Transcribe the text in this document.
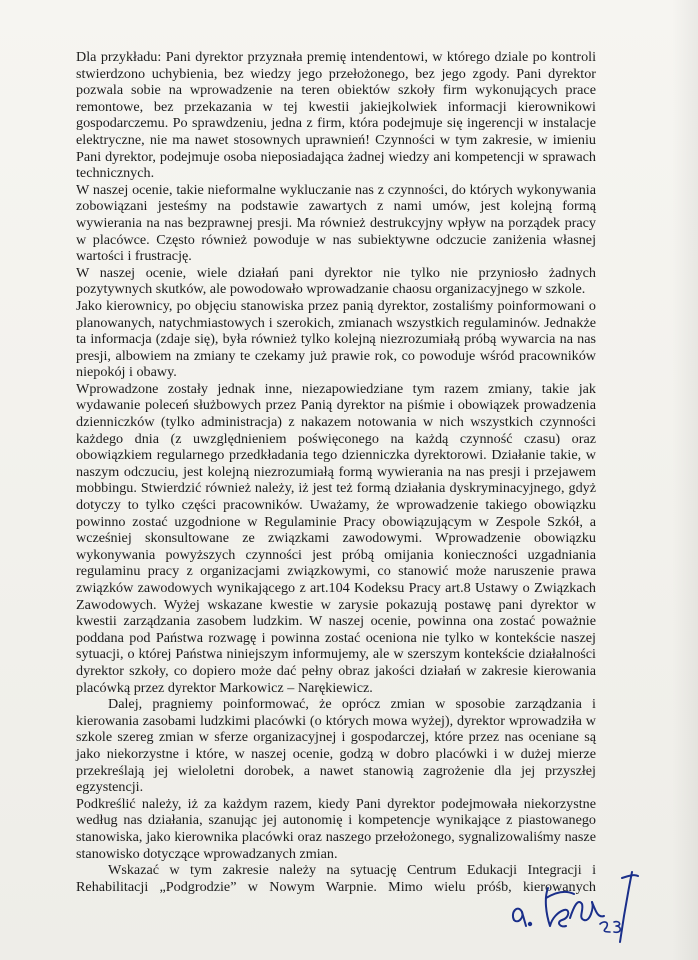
Dla przykładu: Pani dyrektor przyznała premię intendentowi, w którego dziale po kontroli stwierdzono uchybienia, bez wiedzy jego przełożonego, bez jego zgody. Pani dyrektor pozwala sobie na wprowadzenie na teren obiektów szkoły firm wykonujących prace remontowe, bez przekazania w tej kwestii jakiejkolwiek informacji kierownikowi gospodarczemu. Po sprawdzeniu, jedna z firm, która podejmuje się ingerencji w instalacje elektryczne, nie ma nawet stosownych uprawnień! Czynności w tym zakresie, w imieniu Pani dyrektor, podejmuje osoba nieposiadająca żadnej wiedzy ani kompetencji w sprawach technicznych.

W naszej ocenie, takie nieformalne wykluczanie nas z czynności, do których wykonywania zobowiązani jesteśmy na podstawie zawartych z nami umów, jest kolejną formą wywierania na nas bezprawnej presji. Ma również destrukcyjny wpływ na porządek pracy w placówce. Często również powoduje w nas subiektywne odczucie zaniżenia własnej wartości i frustrację.

W naszej ocenie, wiele działań pani dyrektor nie tylko nie przyniosło żadnych pozytywnych skutków, ale powodowało wprowadzanie chaosu organizacyjnego w szkole.

Jako kierownicy, po objęciu stanowiska przez panią dyrektor, zostaliśmy poinformowani o planowanych, natychmiastowych i szerokich, zmianach wszystkich regulaminów. Jednakże ta informacja (zdaje się), była również tylko kolejną niezrozumiałą próbą wywarcia na nas presji, albowiem na zmiany te czekamy już prawie rok, co powoduje wśród pracowników niepokój i obawy.

Wprowadzone zostały jednak inne, niezapowiedziane tym razem zmiany, takie jak wydawanie poleceń służbowych przez Panią dyrektor na piśmie i obowiązek prowadzenia dzienniczków (tylko administracja) z nakazem notowania w nich wszystkich czynności każdego dnia (z uwzględnieniem poświęconego na każdą czynność czasu) oraz obowiązkiem regularnego przedkładania tego dzienniczka dyrektorowi. Działanie takie, w naszym odczuciu, jest kolejną niezrozumiałą formą wywierania na nas presji i przejawem mobbingu. Stwierdzić również należy, iż jest też formą działania dyskryminacyjnego, gdyż dotyczy to tylko części pracowników. Uważamy, że wprowadzenie takiego obowiązku powinno zostać uzgodnione w Regulaminie Pracy obowiązującym w Zespole Szkół, a wcześniej skonsultowane ze związkami zawodowymi. Wprowadzenie obowiązku wykonywania powyższych czynności jest próbą omijania konieczności uzgadniania regulaminu pracy z organizacjami związkowymi, co stanowić może naruszenie prawa związków zawodowych wynikającego z art.104 Kodeksu Pracy art.8 Ustawy o Związkach Zawodowych. Wyżej wskazane kwestie w zarysie pokazują postawę pani dyrektor w kwestii zarządzania zasobem ludzkim. W naszej ocenie, powinna ona zostać poważnie poddana pod Państwa rozwagę i powinna zostać oceniona nie tylko w kontekście naszej sytuacji, o której Państwa niniejszym informujemy, ale w szerszym kontekście działalności dyrektor szkoły, co dopiero może dać pełny obraz jakości działań w zakresie kierowania placówką przez dyrektor Markowicz – Narękiewicz.

Dalej, pragniemy poinformować, że oprócz zmian w sposobie zarządzania i kierowania zasobami ludzkimi placówki (o których mowa wyżej), dyrektor wprowadziła w szkole szereg zmian w sferze organizacyjnej i gospodarczej, które przez nas oceniane są jako niekorzystne i które, w naszej ocenie, godzą w dobro placówki i w dużej mierze przekreślają jej wieloletni dorobek, a nawet stanowią zagrożenie dla jej przyszłej egzystencji.

Podkreślić należy, iż za każdym razem, kiedy Pani dyrektor podejmowała niekorzystne według nas działania, szanując jej autonomię i kompetencje wynikające z piastowanego stanowiska, jako kierownika placówki oraz naszego przełożonego, sygnalizowaliśmy nasze stanowisko dotyczące wprowadzanych zmian.

Wskazać w tym zakresie należy na sytuację Centrum Edukacji Integracji i Rehabilitacji „Podgrodzie” w Nowym Warpnie. Mimo wielu próśb, kierowanych
